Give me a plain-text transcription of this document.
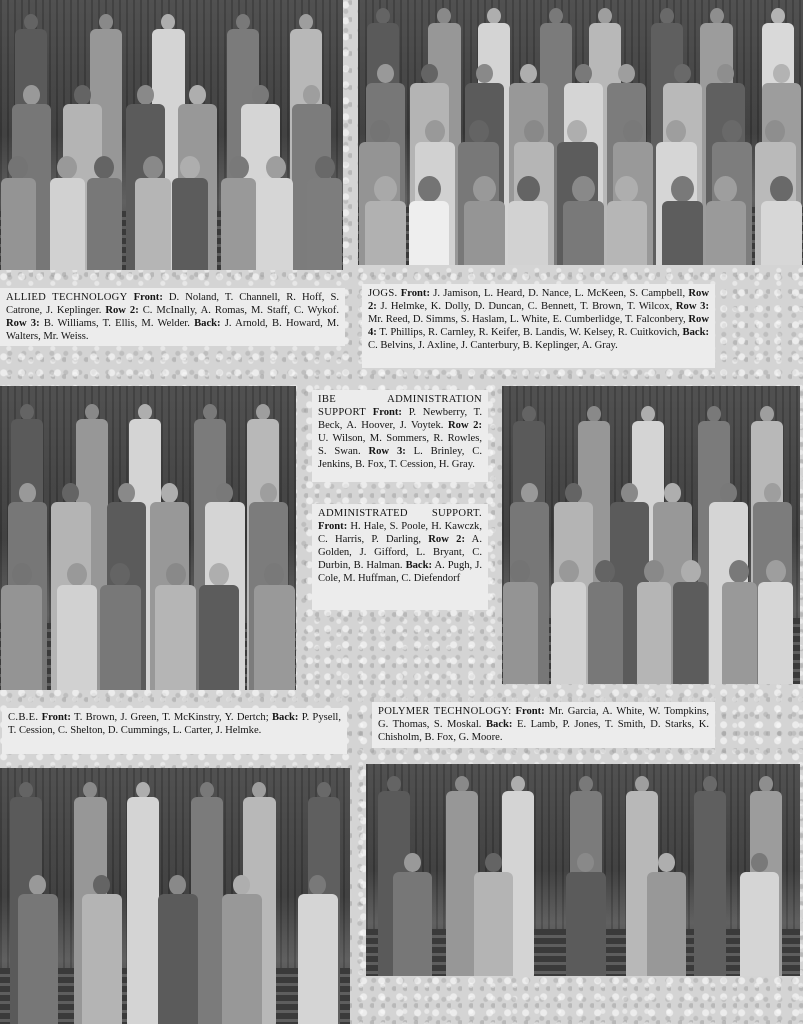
ALLIED TECHNOLOGY Front: D. Noland, T. Channell, R. Hoff, S. Catrone, J. Keplinger. Row 2: C. McInally, A. Romas, M. Staff, C. Wykof. Row 3: B. Williams, T. Ellis, M. Welder. Back: J. Arnold, B. Howard, M. Walters, Mr. Weiss.
JOGS. Front: J. Jamison, L. Heard, D. Nance, L. McKeen, S. Campbell, Row 2: J. Helmke, K. Dolly, D. Duncan, C. Bennett, T. Brown, T. Wilcox, Row 3: Mr. Reed, D. Simms, S. Haslam, L. White, E. Cumberlidge, T. Falconbery, Row 4: T. Phillips, R. Carnley, R. Keifer, B. Landis, W. Kelsey, R. Cuitkovich, Back: C. Belvins, J. Axline, J. Canterbury, B. Keplinger, A. Gray.
IBE ADMINISTRATION SUPPORT Front: P. Newberry, T. Beck, A. Hoover, J. Voytek. Row 2: U. Wilson, M. Sommers, R. Rowles, S. Swan. Row 3: L. Brinley, C. Jenkins, B. Fox, T. Cession, H. Gray.
ADMINISTRATED SUPPORT. Front: H. Hale, S. Poole, H. Kawczk, C. Harris, P. Darling, Row 2: A. Golden, J. Gifford, L. Bryant, C. Durbin, B. Halman. Back: A. Pugh, J. Cole, M. Huffman, C. Diefendorf
C.B.E. Front: T. Brown, J. Green, T. McKinstry, Y. Dertch; Back: P. Pysell, T. Cession, C. Shelton, D. Cummings, L. Carter, J. Helmke.
POLYMER TECHNOLOGY: Front: Mr. Garcia, A. White, W. Tompkins, G. Thomas, S. Moskal. Back: E. Lamb, P. Jones, T. Smith, D. Starks, K. Chisholm, B. Fox, G. Moore.
